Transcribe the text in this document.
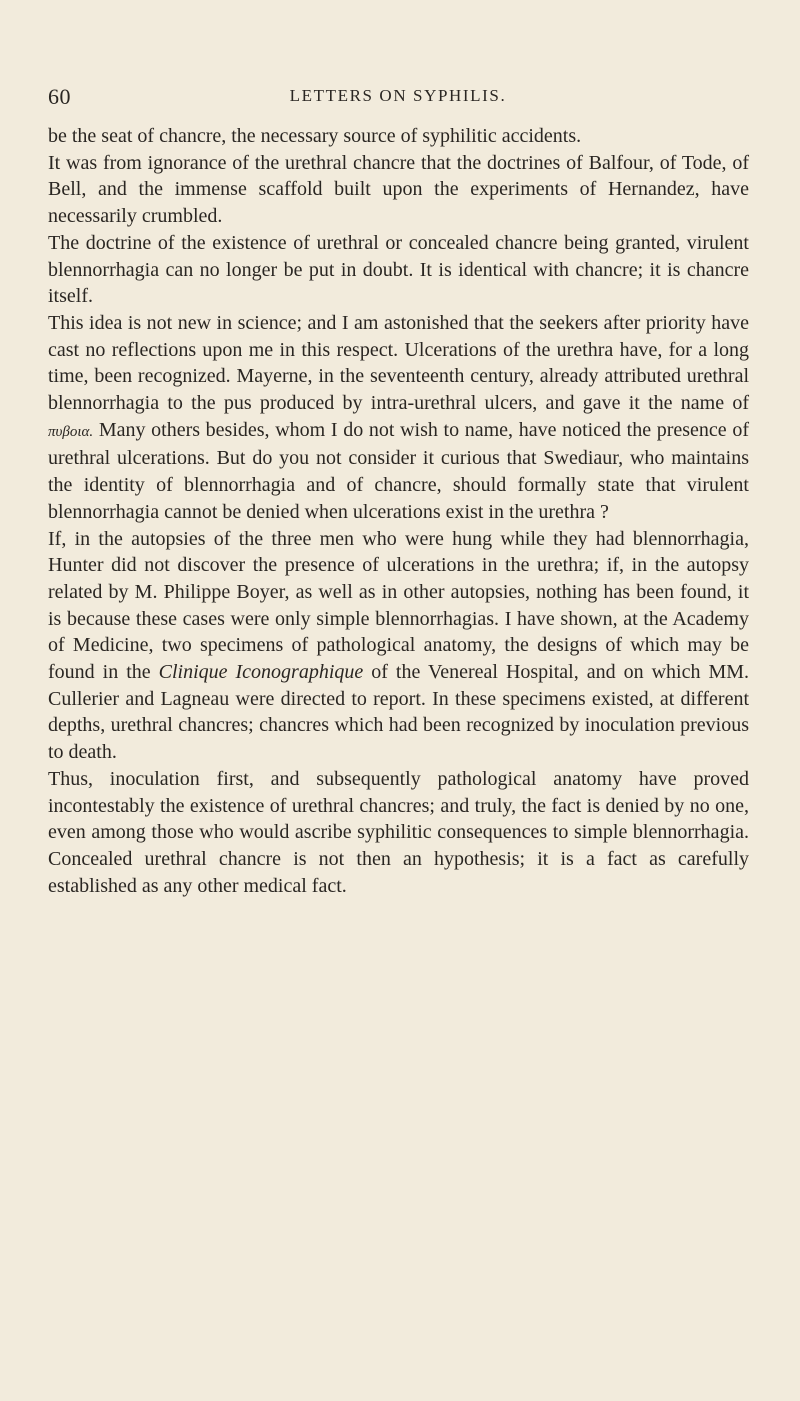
60	LETTERS ON SYPHILIS.

be the seat of chancre, the necessary source of syphilitic accidents.

It was from ignorance of the urethral chancre that the doctrines of Balfour, of Tode, of Bell, and the immense scaffold built upon the experiments of Hernandez, have necessarily crumbled.

The doctrine of the existence of urethral or concealed chancre being granted, virulent blennorrhagia can no longer be put in doubt. It is identical with chancre; it is chancre itself.

This idea is not new in science; and I am astonished that the seekers after priority have cast no reflections upon me in this respect. Ulcerations of the urethra have, for a long time, been recognized. Mayerne, in the seventeenth century, already attributed urethral blennorrhagia to the pus produced by intra-urethral ulcers, and gave it the name of πυβοια. Many others besides, whom I do not wish to name, have noticed the presence of urethral ulcerations. But do you not consider it curious that Swediaur, who maintains the identity of blennorrhagia and of chancre, should formally state that virulent blennorrhagia cannot be denied when ulcerations exist in the urethra ?

If, in the autopsies of the three men who were hung while they had blennorrhagia, Hunter did not discover the presence of ulcerations in the urethra; if, in the autopsy related by M. Philippe Boyer, as well as in other autopsies, nothing has been found, it is because these cases were only simple blennorrhagias. I have shown, at the Academy of Medicine, two specimens of pathological anatomy, the designs of which may be found in the Clinique Iconographique of the Venereal Hospital, and on which MM. Cullerier and Lagneau were directed to report. In these specimens existed, at different depths, urethral chancres; chancres which had been recognized by inoculation previous to death.

Thus, inoculation first, and subsequently pathological anatomy have proved incontestably the existence of urethral chancres; and truly, the fact is denied by no one, even among those who would ascribe syphilitic consequences to simple blennorrhagia. Concealed urethral chancre is not then an hypothesis; it is a fact as carefully established as any other medical fact.
